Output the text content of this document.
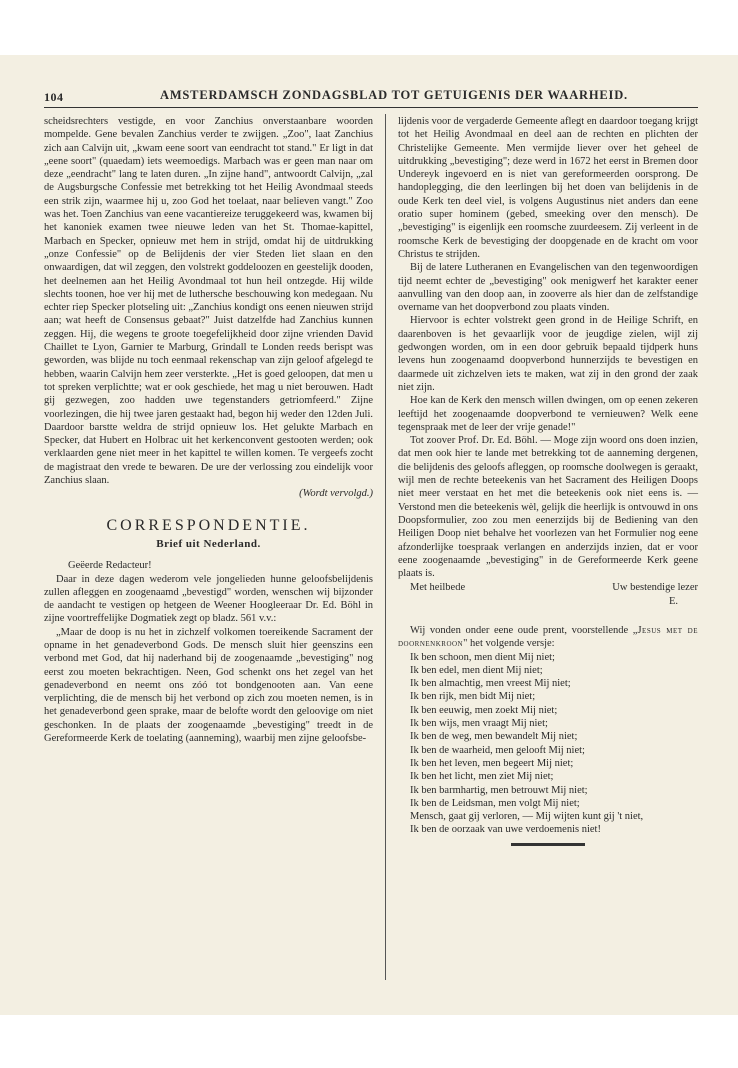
104	AMSTERDAMSCH ZONDAGSBLAD TOT GETUIGENIS DER WAARHEID.

scheidsrechters vestigde, en voor Zanchius onverstaanbare woorden mompelde. Gene bevalen Zanchius verder te zwijgen. „Zoo", laat Zanchius zich aan Calvijn uit, „kwam eene soort van eendracht tot stand." Er ligt in dat „eene soort" (quaedam) iets weemoedigs. Marbach was er geen man naar om deze „eendracht" lang te laten duren. „In zijne hand", antwoordt Calvijn, „zal de Augsburgsche Confessie met betrekking tot het Heilig Avondmaal steeds een strik zijn, waarmee hij u, zoo God het toelaat, naar believen vangt." Zoo was het. Toen Zanchius van eene vacantiereize teruggekeerd was, kwamen bij het kanoniek examen twee nieuwe leden van het St. Thomae-kapittel, Marbach en Specker, opnieuw met hem in strijd, omdat hij de uitdrukking „onze Confessie" op de Belijdenis der vier Steden liet slaan en den onwaardigen, dat wil zeggen, den volstrekt goddeloozen en geestelijk dooden, het deelnemen aan het Heilig Avondmaal tot hun heil ontzegde. Hij wilde slechts toonen, hoe ver hij met de luthersche beschouwing kon medegaan. Nu echter riep Specker plotseling uit: „Zanchius kondigt ons eenen nieuwen strijd aan; wat heeft de Consensus gebaat?" Juist datzelfde had Zanchius kunnen zeggen. Hij, die wegens te groote toegefelijkheid door zijne vrienden David Chaillet te Lyon, Garnier te Marburg, Grindall te Londen reeds berispt was geworden, was blijde nu toch eenmaal rekenschap van zijn geloof afgelegd te hebben, waarin Calvijn hem zeer versterkte. „Het is goed geloopen, dat men u tot spreken verplichtte; wat er ook geschiede, het mag u niet berouwen. Hadt gij gezwegen, zoo hadden uwe tegenstanders getriomfeerd." Zijne voorlezingen, die hij twee jaren gestaakt had, begon hij weder den 12den Juli. Daardoor barstte weldra de strijd opnieuw los. Het gelukte Marbach en Specker, dat Hubert en Holbrac uit het kerkenconvent gestooten werden; ook verklaarden gene niet meer in het kapittel te willen komen. Te vergeefs zocht de magistraat den vrede te bewaren. De ure der verlossing zou eindelijk voor Zanchius slaan.

(Wordt vervolgd.)

CORRESPONDENTIE.
Brief uit Nederland.

Geëerde Redacteur!

Daar in deze dagen wederom vele jongelieden hunne geloofsbelijdenis zullen afleggen en zoogenaamd „bevestigd" worden, wenschen wij bijzonder de aandacht te vestigen op hetgeen de Weener Hoogleeraar Dr. Ed. Böhl in zijne voortreffelijke Dogmatiek zegt op bladz. 561 v.v.:

„Maar de doop is nu het in zichzelf volkomen toereikende Sacrament der opname in het genadeverbond Gods. De mensch sluit hier geenszins een verbond met God, dat hij naderhand bij de zoogenaamde „bevestiging" nog eerst zou moeten bekrachtigen. Neen, God schenkt ons het zegel van het genadeverbond en neemt ons zóó tot bondgenooten aan. Van eene verplichting, die de mensch bij het verbond op zich zou moeten nemen, is in het genadeverbond geen sprake, maar de belofte wordt den geloovige om niet geschonken. In de plaats der zoogenaamde „bevestiging" treedt in de Gereformeerde Kerk de toelating (aanneming), waarbij men zijne geloofsbe-

lijdenis voor de vergaderde Gemeente aflegt en daardoor toegang krijgt tot het Heilig Avondmaal en deel aan de rechten en plichten der Christelijke Gemeente. Men vermijde liever over het geheel de uitdrukking „bevestiging"; deze werd in 1672 het eerst in Bremen door Undereyk ingevoerd en is niet van gereformeerden oorsprong. De handoplegging, die den leerlingen bij het doen van belijdenis in de oude Kerk ten deel viel, is volgens Augustinus niet anders dan eene oratio super hominem (gebed, smeeking over den mensch). De „bevestiging" is eigenlijk een roomsche zuurdeesem. Zij verleent in de roomsche Kerk de bevestiging der doopgenade en de kracht om voor Christus te strijden.

Bij de latere Lutheranen en Evangelischen van den tegenwoordigen tijd neemt echter de „bevestiging" ook menigwerf het karakter eener aanvulling van den doop aan, in zooverre als hier dan de zelfstandige overname van het doopverbond zou plaats vinden.

Hiervoor is echter volstrekt geen grond in de Heilige Schrift, en daarenboven is het gevaarlijk voor de jeugdige zielen, wijl zij gedwongen worden, om in een door gebruik bepaald tijdperk huns levens hun zoogenaamd doopverbond hunnerzijds te bevestigen en daarmede uit zichzelven iets te maken, wat zij in den grond der zaak niet zijn.

Hoe kan de Kerk den mensch willen dwingen, om op eenen zekeren leeftijd het zoogenaamde doopverbond te vernieuwen? Welk eene tegenspraak met de leer der vrije genade!"

Tot zoover Prof. Dr. Ed. Böhl. — Moge zijn woord ons doen inzien, dat men ook hier te lande met betrekking tot de aanneming dergenen, die belijdenis des geloofs afleggen, op roomsche doolwegen is geraakt, wijl men de rechte beteekenis van het Sacrament des Heiligen Doops niet meer verstaat en het met die beteekenis ook niet eens is. — Verstond men die beteekenis wèl, gelijk die heerlijk is ontvouwd in ons Doopsformulier, zoo zou men eenerzijds bij de Bediening van den Heiligen Doop niet behalve het voorlezen van het Formulier nog eene afzonderlijke toespraak verlangen en anderzijds inzien, dat er voor eene zoogenaamde „bevestiging" in de Gereformeerde Kerk geene plaats is.

Met heilbede	Uw bestendige lezer
E.

Wij vonden onder eene oude prent, voorstellende „Jesus met de doornenkroon" het volgende versje:

Ik ben schoon, men dient Mij niet;
Ik ben edel, men dient Mij niet;
Ik ben almachtig, men vreest Mij niet;
Ik ben rijk, men bidt Mij niet;
Ik ben eeuwig, men zoekt Mij niet;
Ik ben wijs, men vraagt Mij niet;
Ik ben de weg, men bewandelt Mij niet;
Ik ben de waarheid, men gelooft Mij niet;
Ik ben het leven, men begeert Mij niet;
Ik ben het licht, men ziet Mij niet;
Ik ben barmhartig, men betrouwt Mij niet;
Ik ben de Leidsman, men volgt Mij niet;
Mensch, gaat gij verloren, — Mij wijten kunt gij 't niet,
Ik ben de oorzaak van uwe verdoemenis niet!
